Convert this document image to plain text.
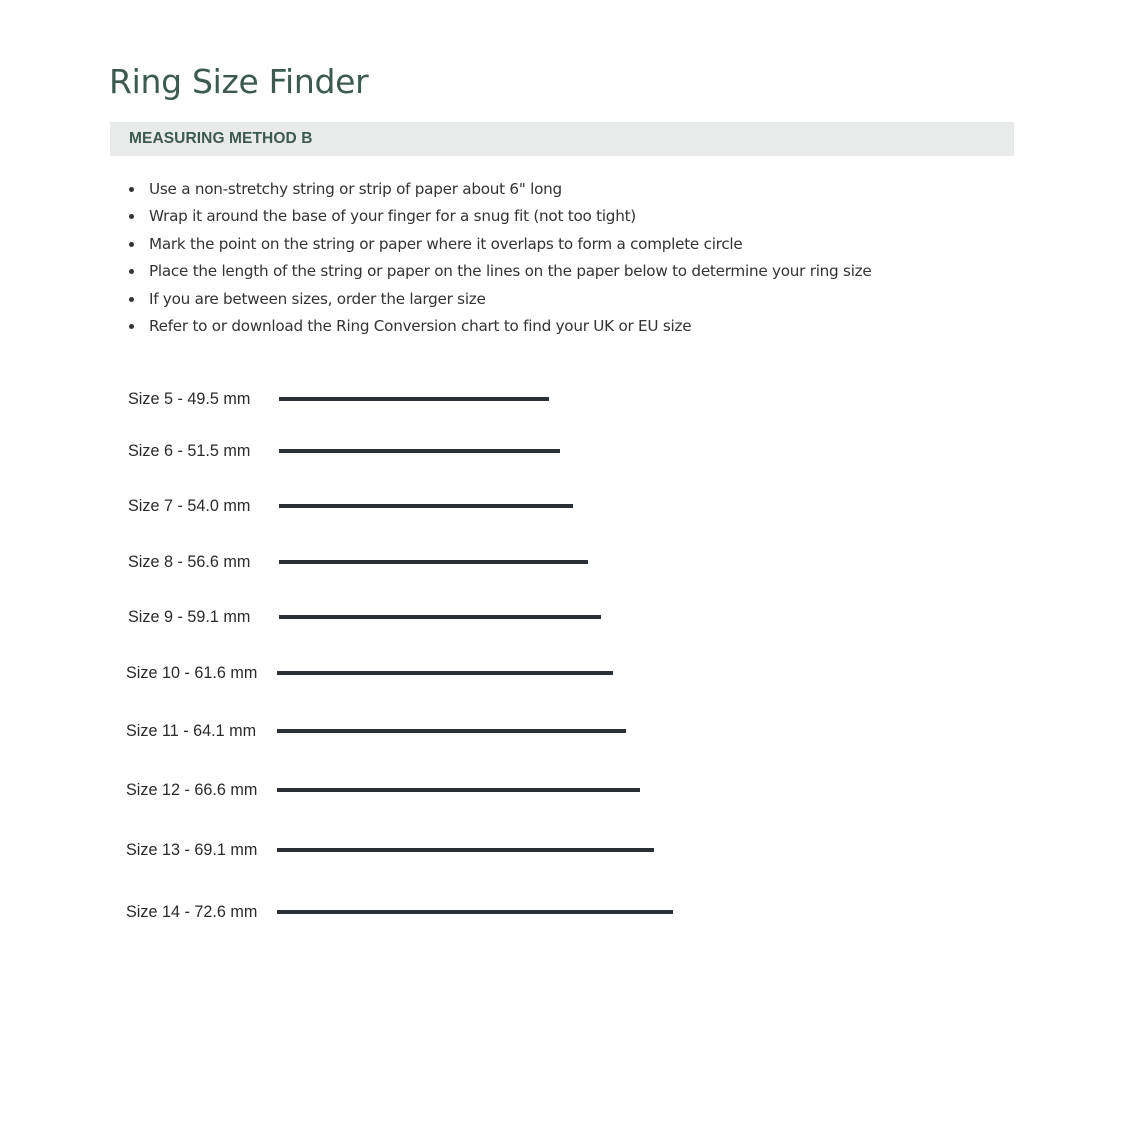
Ring Size Finder
MEASURING METHOD B
Use a non-stretchy string or strip of paper about 6" long
Wrap it around the base of your finger for a snug fit (not too tight)
Mark the point on the string or paper where it overlaps to form a complete circle
Place the length of the string or paper on the lines on the paper below to determine your ring size
If you are between sizes, order the larger size
Refer to or download the Ring Conversion chart to find your UK or EU size
Size 5 - 49.5 mm
Size 6 - 51.5 mm
Size 7 - 54.0 mm
Size 8 - 56.6 mm
Size 9 - 59.1 mm
Size 10 - 61.6 mm
Size 11 - 64.1 mm
Size 12 - 66.6 mm
Size 13 - 69.1 mm
Size 14 - 72.6 mm
